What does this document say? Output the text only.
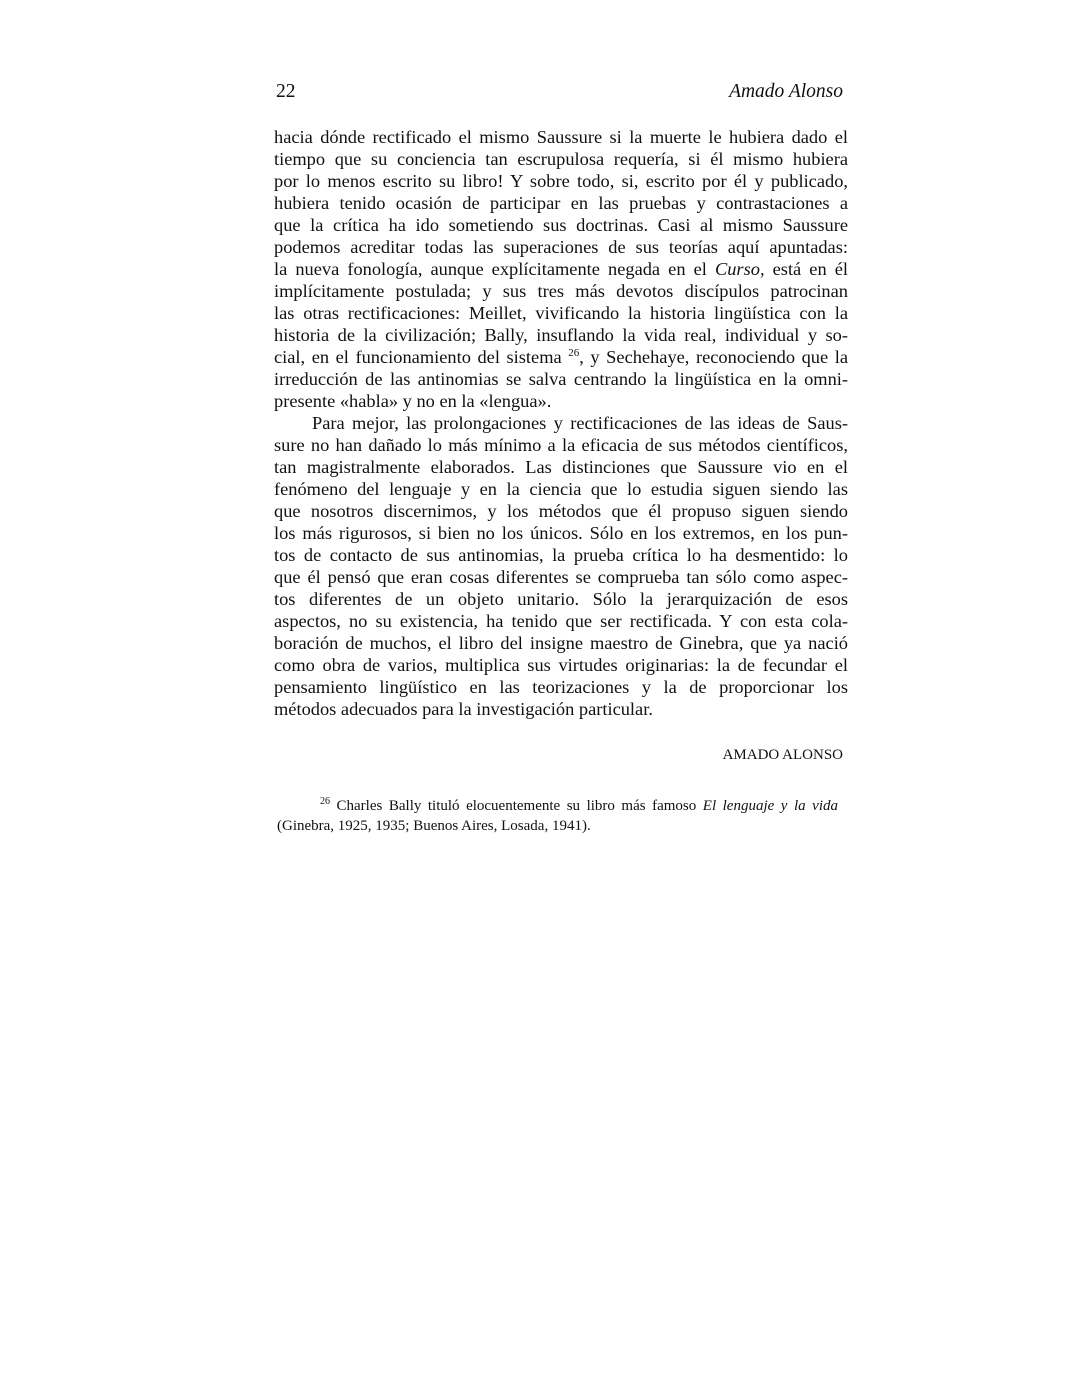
22	Amado Alonso
hacia dónde rectificado el mismo Saussure si la muerte le hubiera dado el
tiempo que su conciencia tan escrupulosa requería, si él mismo hubiera
por lo menos escrito su libro! Y sobre todo, si, escrito por él y publicado,
hubiera tenido ocasión de participar en las pruebas y contrastaciones a
que la crítica ha ido sometiendo sus doctrinas. Casi al mismo Saussure
podemos acreditar todas las superaciones de sus teorías aquí apuntadas:
la nueva fonología, aunque explícitamente negada en el Curso, está en él
implícitamente postulada; y sus tres más devotos discípulos patrocinan
las otras rectificaciones: Meillet, vivificando la historia lingüística con la
historia de la civilización; Bally, insuflando la vida real, individual y so-
cial, en el funcionamiento del sistema $^{26}$, y Sechehaye, reconociendo que la
irreducción de las antinomias se salva centrando la lingüística en la omni-
presente «habla» y no en la «lengua».
Para mejor, las prolongaciones y rectificaciones de las ideas de Saus-
sure no han dañado lo más mínimo a la eficacia de sus métodos científicos,
tan magistralmente elaborados. Las distinciones que Saussure vio en el
fenómeno del lenguaje y en la ciencia que lo estudia siguen siendo las
que nosotros discernimos, y los métodos que él propuso siguen siendo
los más rigurosos, si bien no los únicos. Sólo en los extremos, en los pun-
tos de contacto de sus antinomias, la prueba crítica lo ha desmentido: lo
que él pensó que eran cosas diferentes se comprueba tan sólo como aspec-
tos diferentes de un objeto unitario. Sólo la jerarquización de esos
aspectos, no su existencia, ha tenido que ser rectificada. Y con esta cola-
boración de muchos, el libro del insigne maestro de Ginebra, que ya nació
como obra de varios, multiplica sus virtudes originarias: la de fecundar el
pensamiento lingüístico en las teorizaciones y la de proporcionar los
métodos adecuados para la investigación particular.
AMADO ALONSO
$^{26}$ Charles Bally tituló elocuentemente su libro más famoso El lenguaje y la vida
(Ginebra, 1925, 1935; Buenos Aires, Losada, 1941).
